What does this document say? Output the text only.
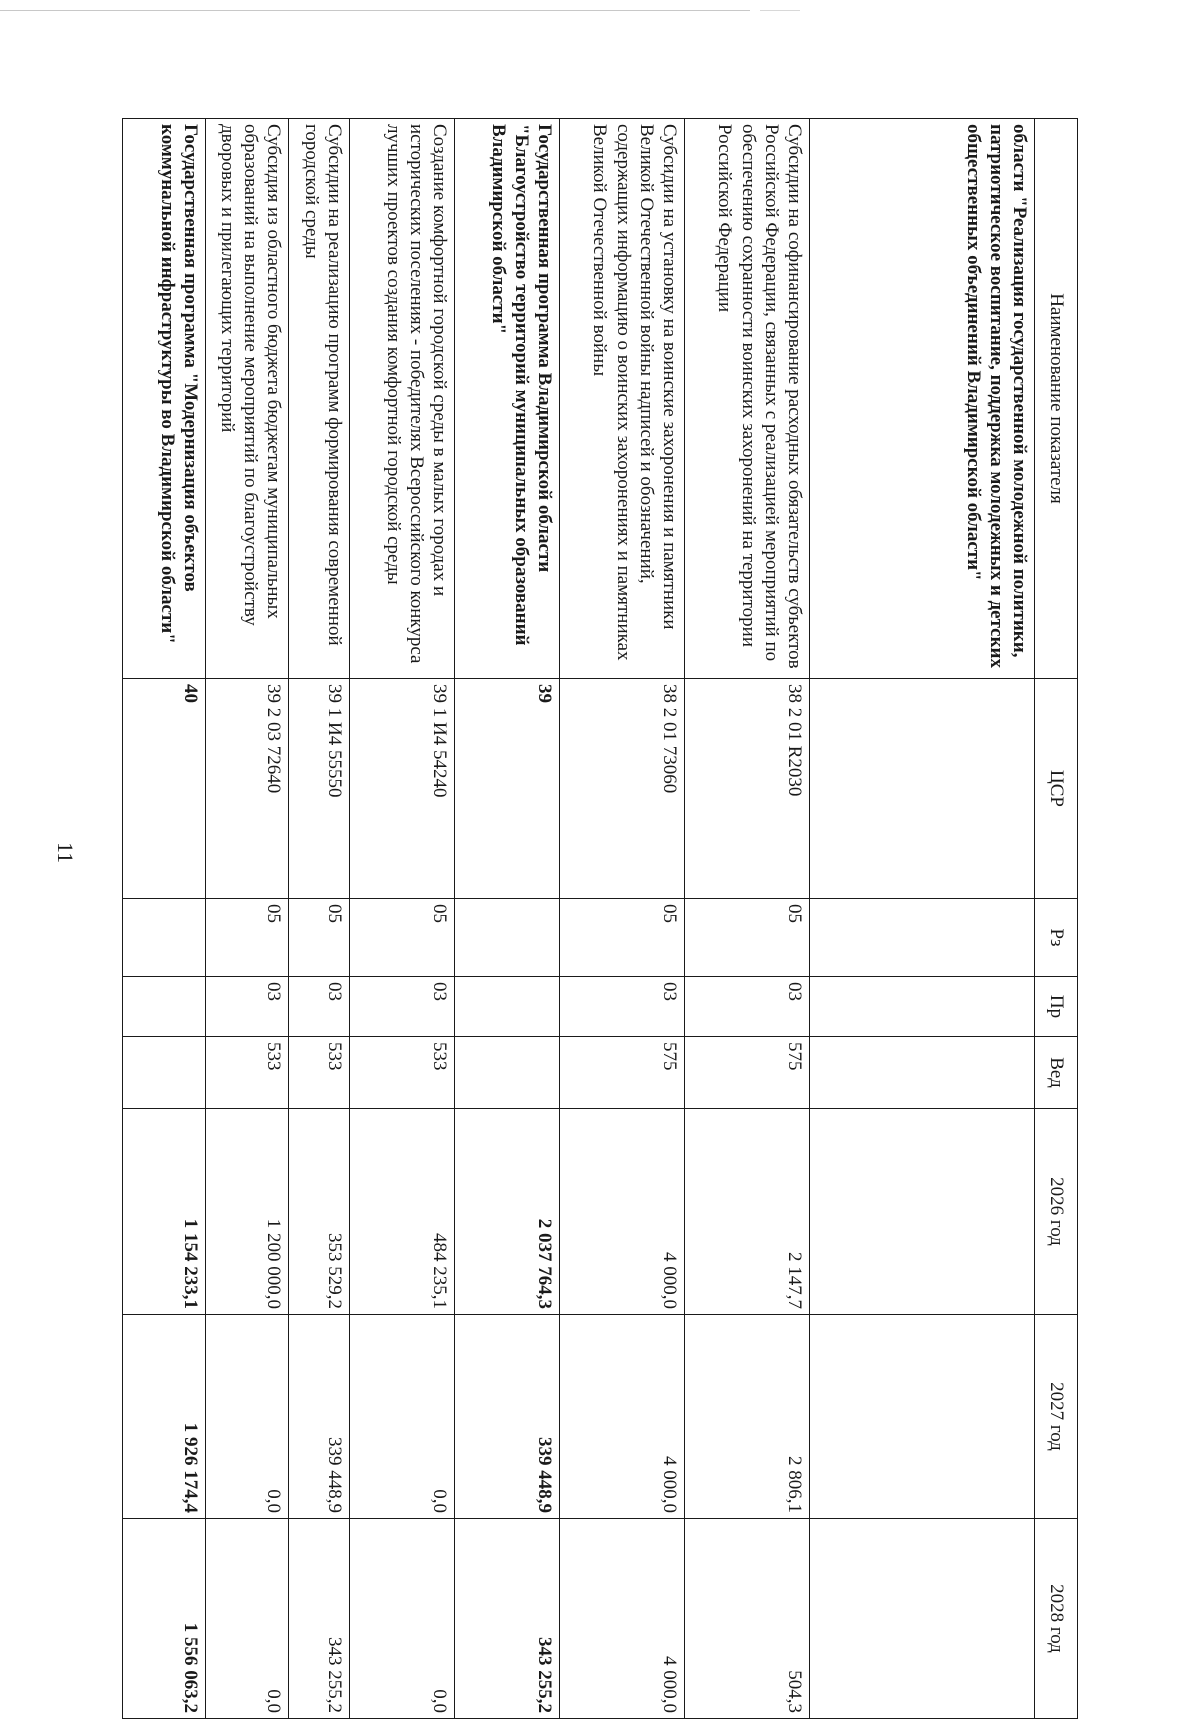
11
Наименование показателя	ЦСР	Рз	Пр	Вед	2026 год	2027 год	2028 год
области "Реализация государственной молодежной политики, патриотическое воспитание, поддержка молодежных и детских общественных объединений Владимирской области"							
Субсидии на софинансирование расходных обязательств субъектов Российской Федерации, связанных с реализацией мероприятий по обеспечению сохранности воинских захоронений на территории Российской Федерации	38 2 01 R2030	05	03	575	2 147,7	2 806,1	504,3
Субсидии на установку на воинские захоронения и памятники Великой Отечественной войны надписей и обозначений, содержащих информацию о воинских захоронениях и памятниках Великой Отечественной войны	38 2 01 73060	05	03	575	4 000,0	4 000,0	4 000,0
Государственная программа Владимирской области "Благоустройство территорий муниципальных образований Владимирской области"	39				2 037 764,3	339 448,9	343 255,2
Создание комфортной городской среды в малых городах и исторических поселениях - победителях Всероссийского конкурса лучших проектов создания комфортной городской среды	39 1 И4 54240	05	03	533	484 235,1	0,0	0,0
Субсидии на реализацию программ формирования современной городской среды	39 1 И4 55550	05	03	533	353 529,2	339 448,9	343 255,2
Субсидия из областного бюджета бюджетам муниципальных образований на выполнение мероприятий по благоустройству дворовых и прилегающих территорий	39 2 03 72640	05	03	533	1 200 000,0	0,0	0,0
Государственная программа "Модернизация объектов коммунальной инфраструктуры во Владимирской области"	40				1 154 233,1	1 926 174,4	1 556 063,2
